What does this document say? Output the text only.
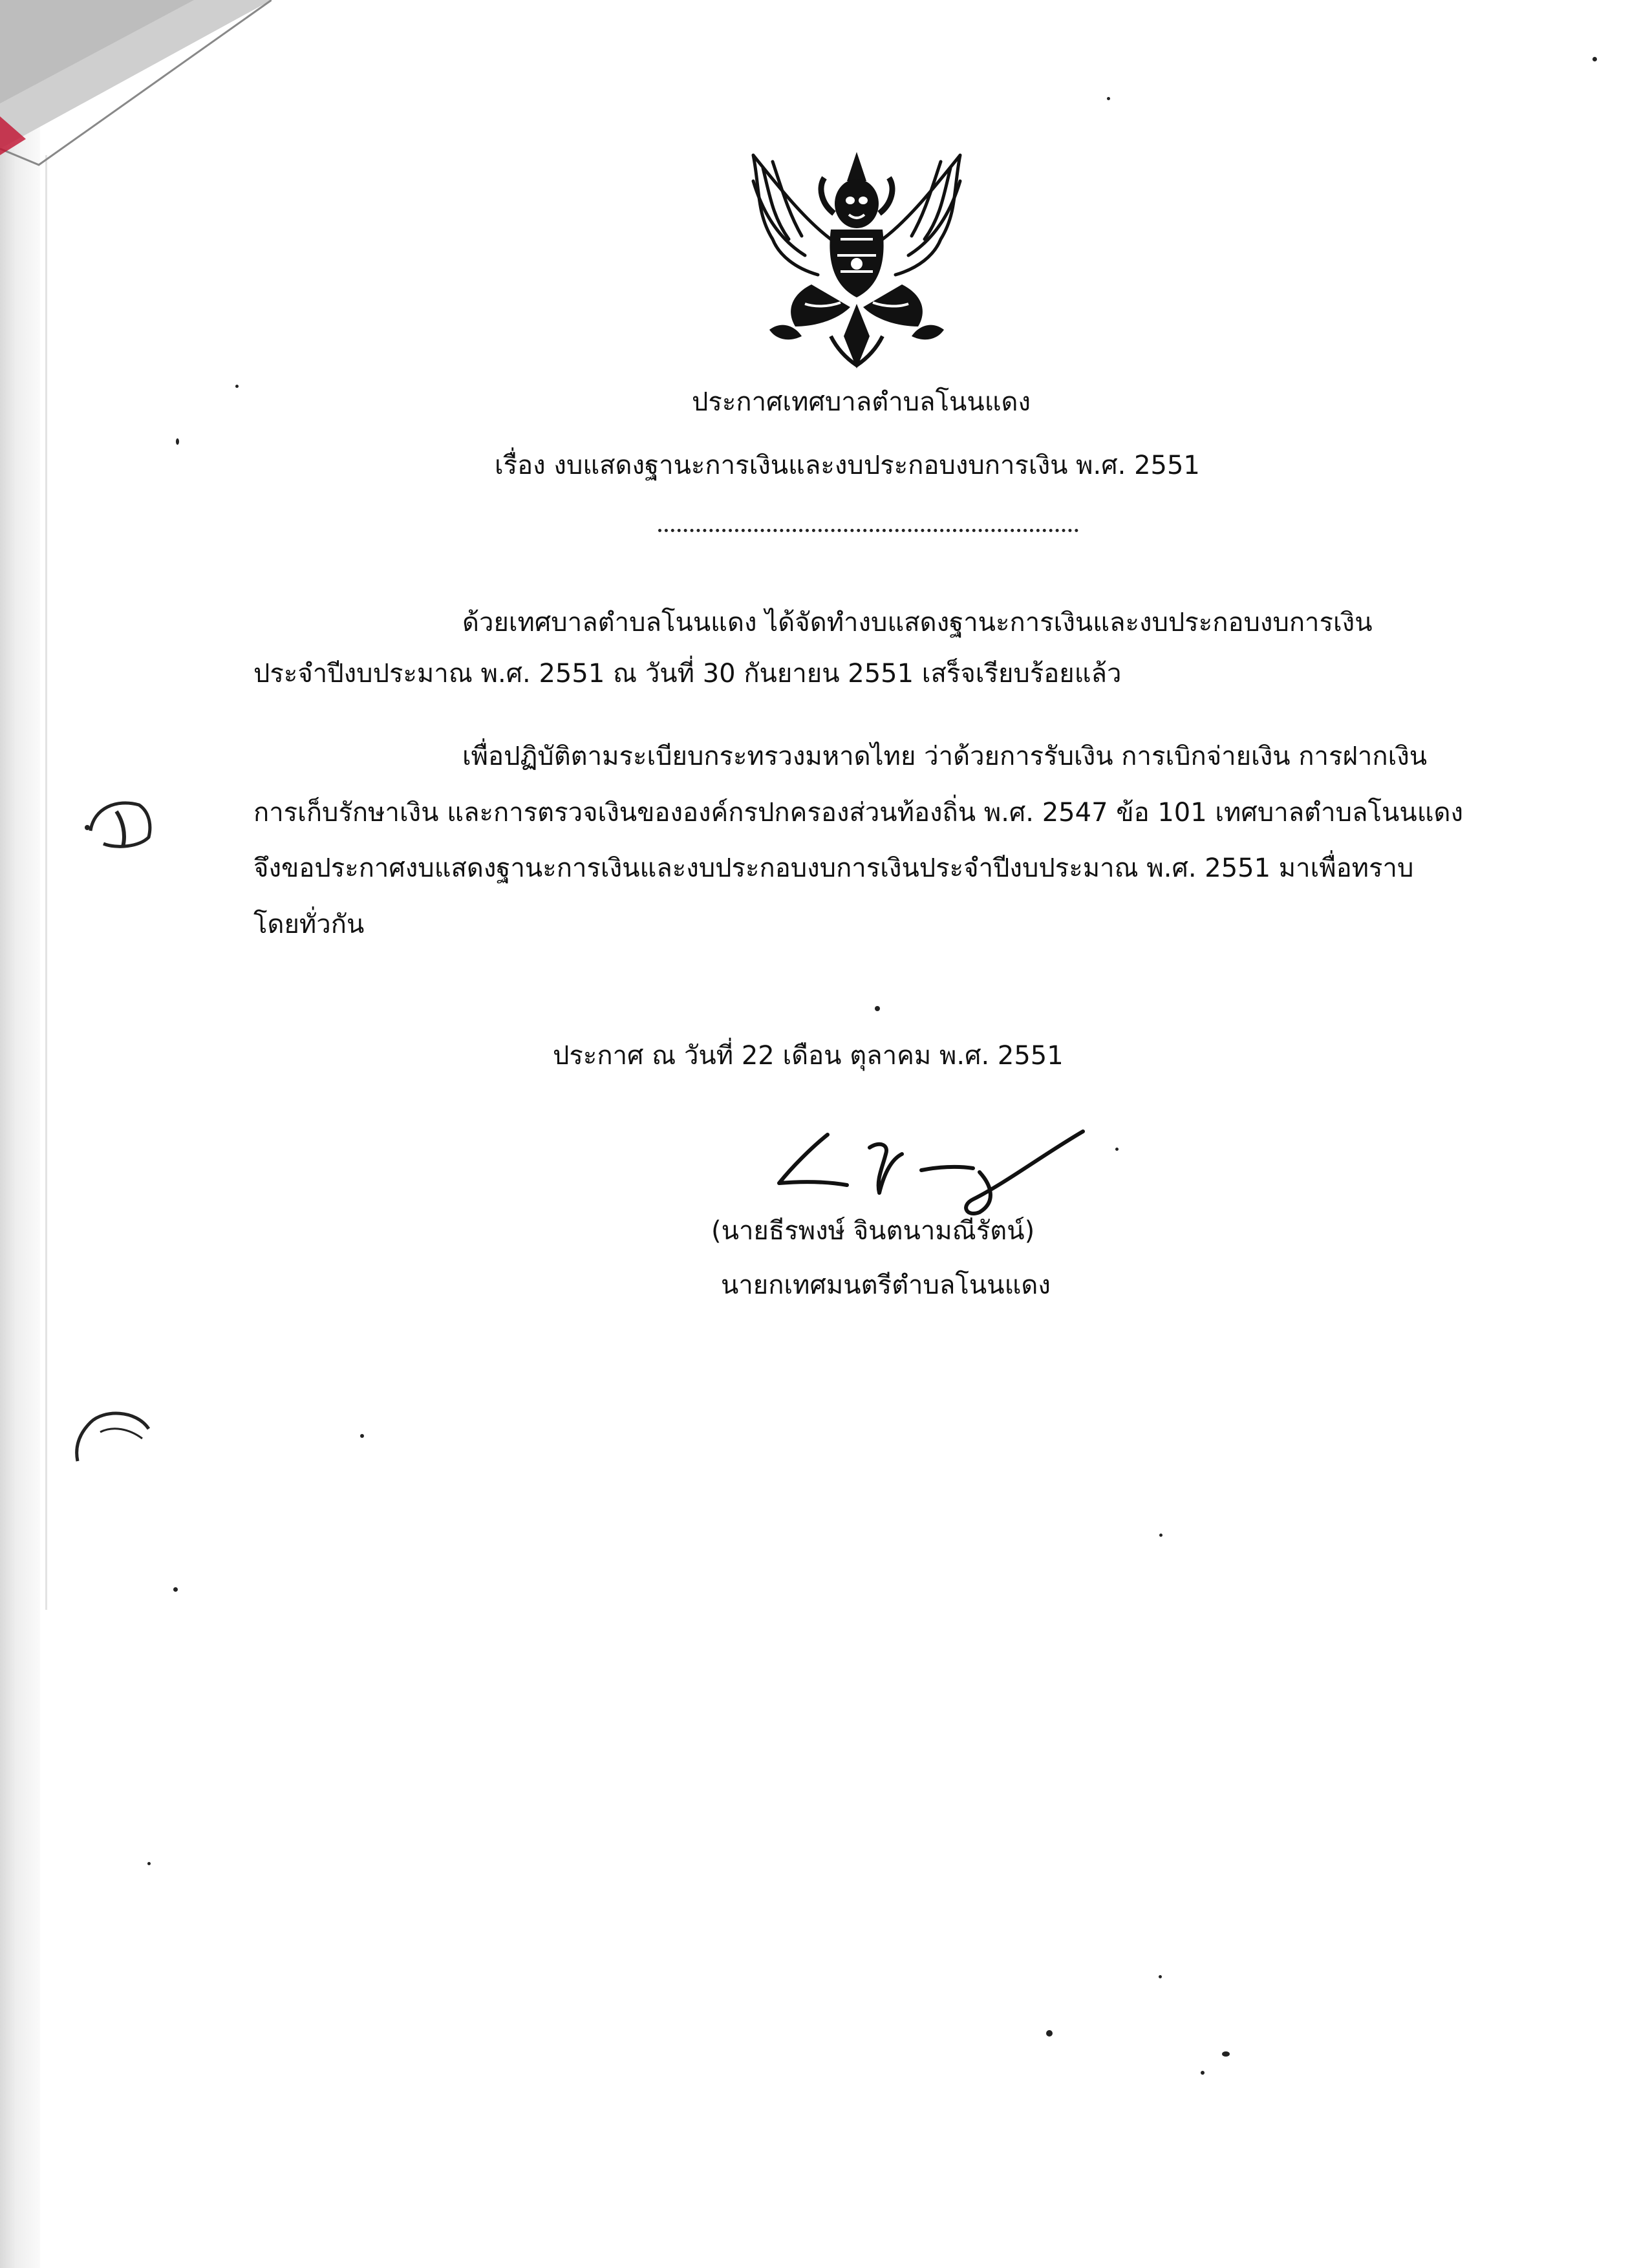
ประกาศเทศบาลตำบลโนนแดง
เรื่อง งบแสดงฐานะการเงินและงบประกอบงบการเงิน พ.ศ. 2551
ด้วยเทศบาลตำบลโนนแดง ได้จัดทำงบแสดงฐานะการเงินและงบประกอบงบการเงิน
ประจำปีงบประมาณ พ.ศ. 2551 ณ วันที่ 30 กันยายน 2551 เสร็จเรียบร้อยแล้ว
เพื่อปฏิบัติตามระเบียบกระทรวงมหาดไทย ว่าด้วยการรับเงิน การเบิกจ่ายเงิน การฝากเงิน
การเก็บรักษาเงิน และการตรวจเงินขององค์กรปกครองส่วนท้องถิ่น พ.ศ. 2547 ข้อ 101 เทศบาลตำบลโนนแดง
จึงขอประกาศงบแสดงฐานะการเงินและงบประกอบงบการเงินประจำปีงบประมาณ พ.ศ. 2551 มาเพื่อทราบ
โดยทั่วกัน
ประกาศ ณ วันที่ 22 เดือน ตุลาคม พ.ศ. 2551
(นายธีรพงษ์ จินตนามณีรัตน์)
นายกเทศมนตรีตำบลโนนแดง
